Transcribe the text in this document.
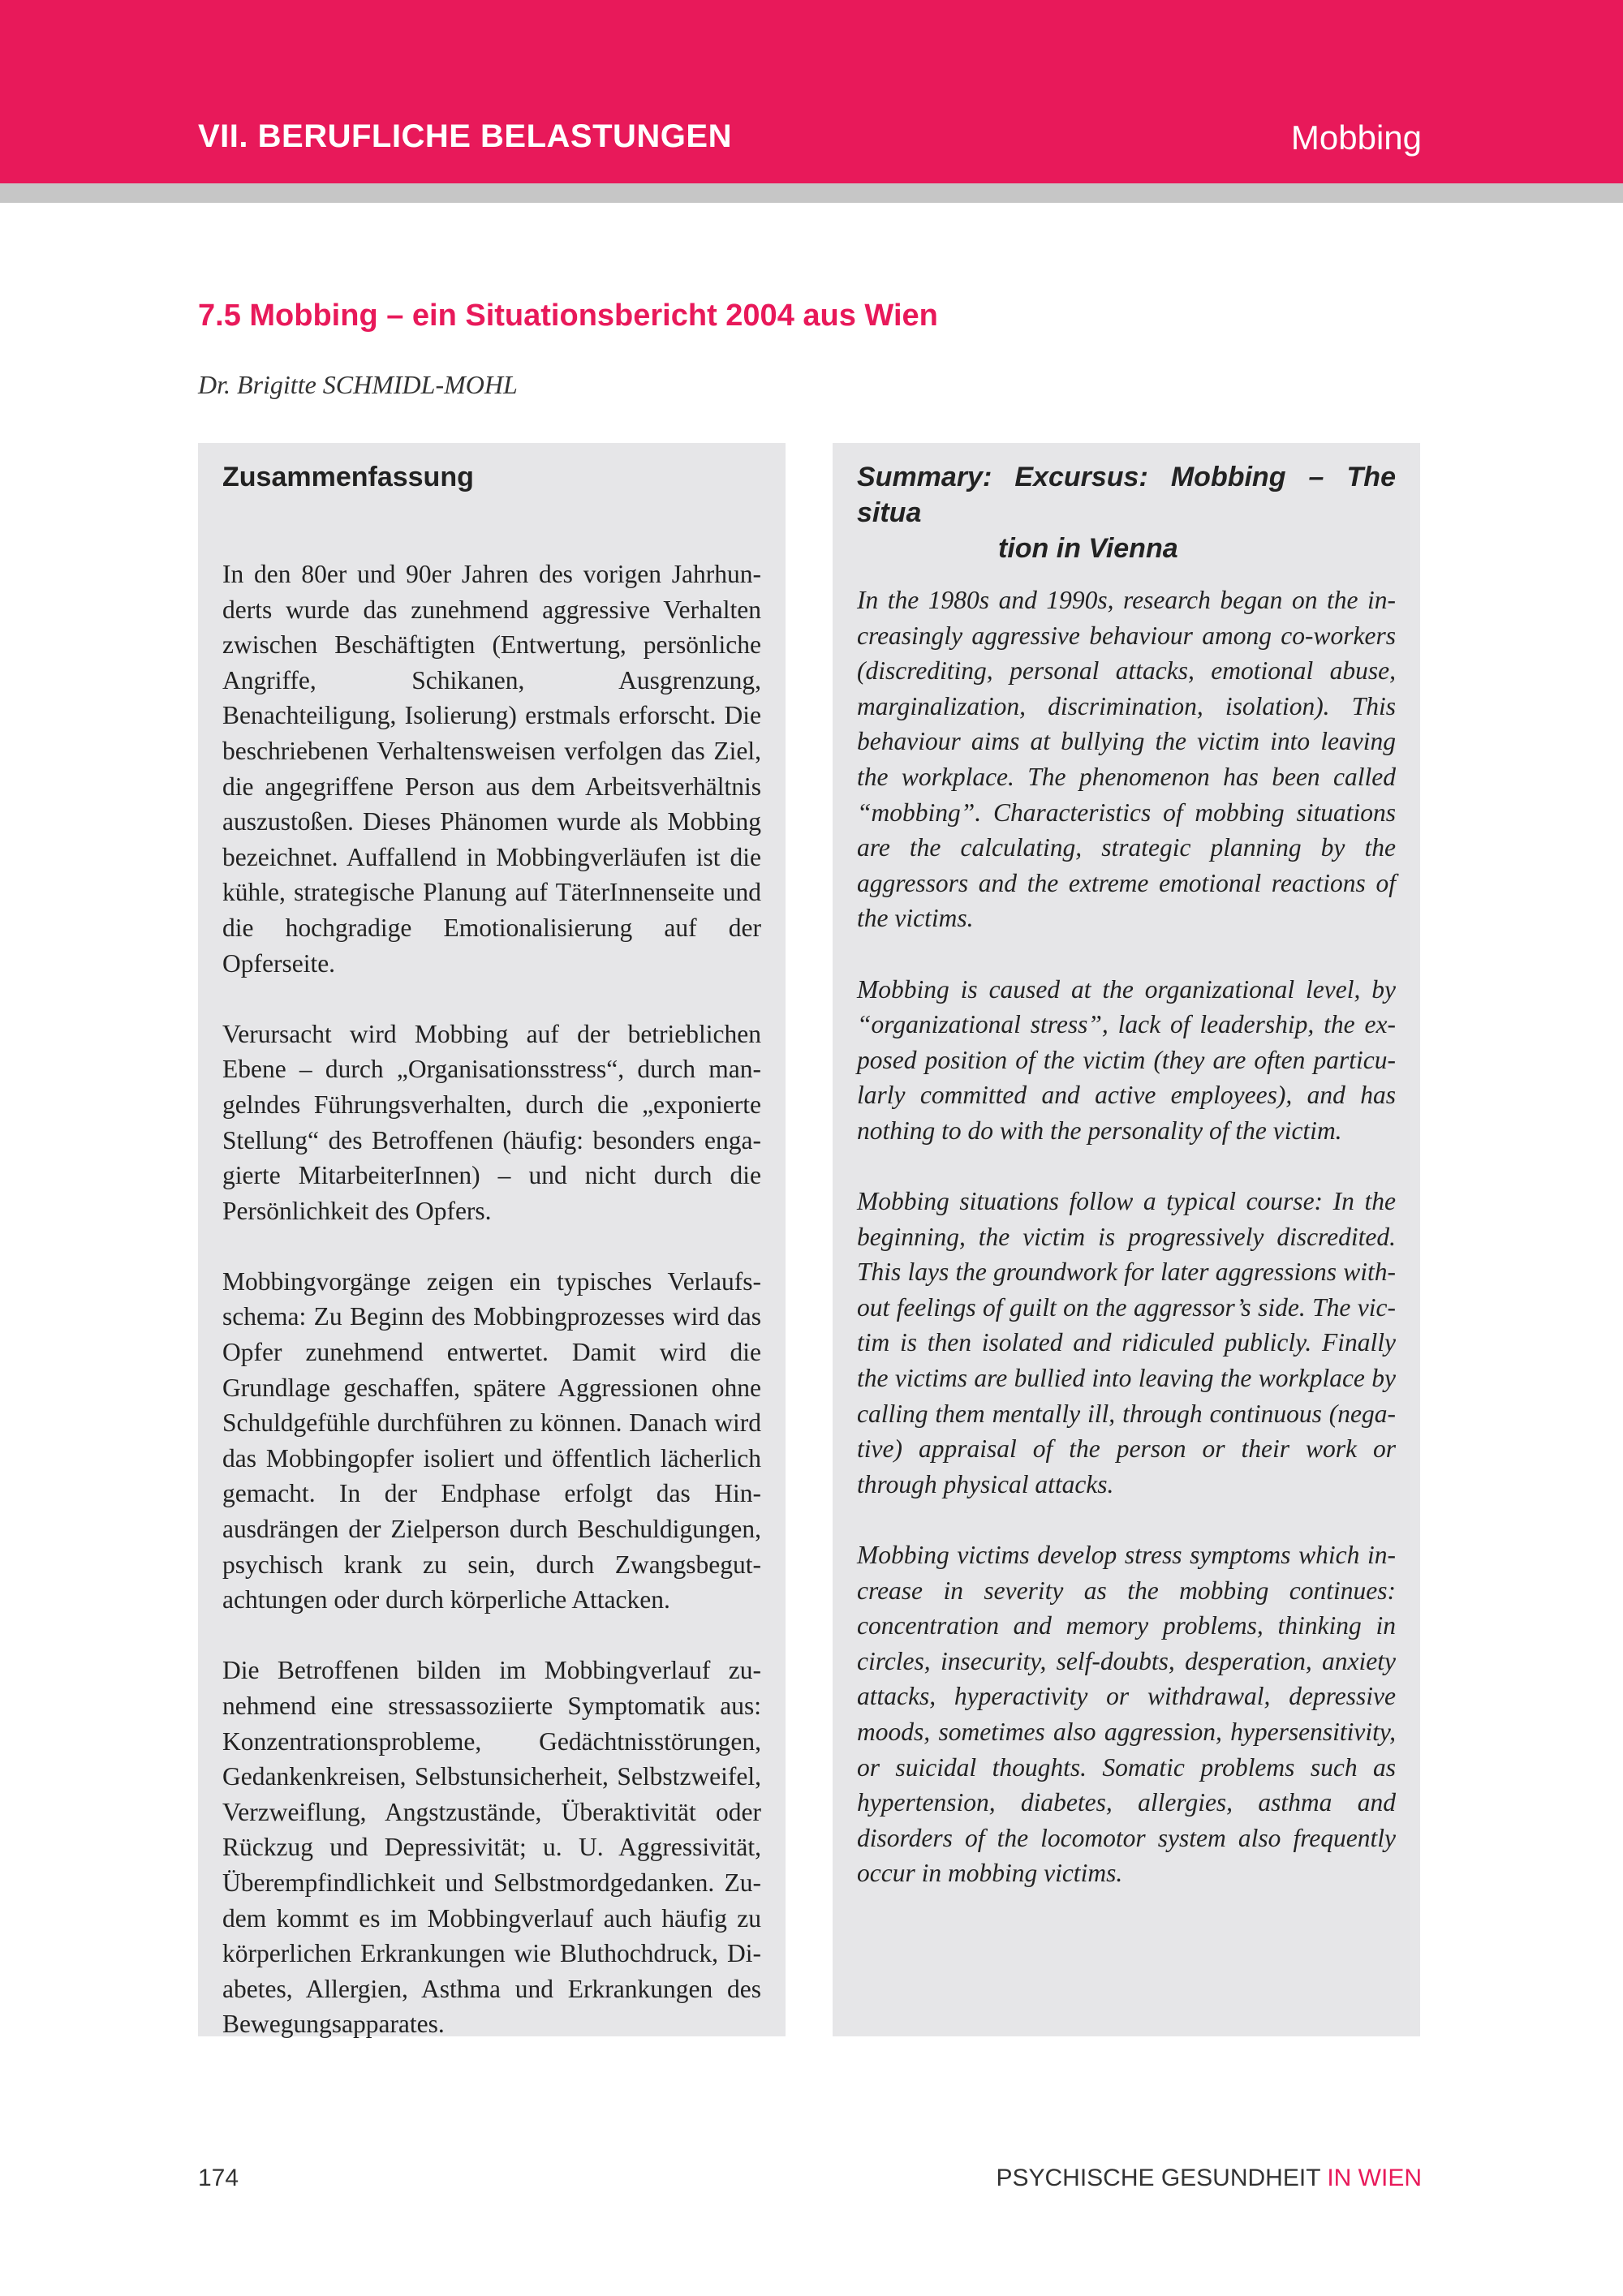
VII. BERUFLICHE BELASTUNGEN	Mobbing
7.5 Mobbing – ein Situationsbericht 2004 aus Wien
Dr. Brigitte SCHMIDL-MOHL
Zusammenfassung

In den 80er und 90er Jahren des vorigen Jahrhunderts wurde das zunehmend aggressive Verhalten zwischen Beschäftigten (Entwertung, persönliche Angriffe, Schikanen, Ausgrenzung, Benachteiligung, Isolierung) erstmals erforscht. Die beschriebenen Verhaltensweisen verfolgen das Ziel, die angegriffene Person aus dem Arbeitsverhältnis auszustoßen. Dieses Phänomen wurde als Mobbing bezeichnet. Auffallend in Mobbingverläufen ist die kühle, strategische Planung auf TäterInnenseite und die hochgradige Emotionalisierung auf der Opferseite.

Verursacht wird Mobbing auf der betrieblichen Ebene – durch „Organisationsstress“, durch mangelndes Führungsverhalten, durch die „exponierte Stellung“ des Betroffenen (häufig: besonders engagierte MitarbeiterInnen) – und nicht durch die Persönlichkeit des Opfers.

Mobbingvorgänge zeigen ein typisches Verlaufsschema: Zu Beginn des Mobbingprozesses wird das Opfer zunehmend entwertet. Damit wird die Grundlage geschaffen, spätere Aggressionen ohne Schuldgefühle durchführen zu können. Danach wird das Mobbingopfer isoliert und öffentlich lächerlich gemacht. In der Endphase erfolgt das Hinausdrängen der Zielperson durch Beschuldigungen, psychisch krank zu sein, durch Zwangsbegutachtungen oder durch körperliche Attacken.

Die Betroffenen bilden im Mobbingverlauf zunehmend eine stressassoziierte Symptomatik aus: Konzentrationsprobleme, Gedächtnisstörungen, Gedankenkreisen, Selbstunsicherheit, Selbstzweifel, Verzweiflung, Angstzustände, Überaktivität oder Rückzug und Depressivität; u. U. Aggressivität, Überempfindlichkeit und Selbstmordgedanken. Zudem kommt es im Mobbingverlauf auch häufig zu körperlichen Erkrankungen wie Bluthochdruck, Diabetes, Allergien, Asthma und Erkrankungen des Bewegungsapparates.

Summary: Excursus: Mobbing – The situa
tion in Vienna

In the 1980s and 1990s, research began on the increasingly aggressive behaviour among co-workers (discrediting, personal attacks, emotional abuse, marginalization, discrimination, isolation). This behaviour aims at bullying the victim into leaving the workplace. The phenomenon has been called “mobbing”. Characteristics of mobbing situations are the calculating, strategic planning by the aggressors and the extreme emotional reactions of the victims.

Mobbing is caused at the organizational level, by “organizational stress”, lack of leadership, the exposed position of the victim (they are often particularly committed and active employees), and has nothing to do with the personality of the victim.

Mobbing situations follow a typical course: In the beginning, the victim is progressively discredited. This lays the groundwork for later aggressions without feelings of guilt on the aggressor’s side. The victim is then isolated and ridiculed publicly. Finally the victims are bullied into leaving the workplace by calling them mentally ill, through continuous (negative) appraisal of the person or their work or through physical attacks.

Mobbing victims develop stress symptoms which increase in severity as the mobbing continues: concentration and memory problems, thinking in circles, insecurity, self-doubts, desperation, anxiety attacks, hyperactivity or withdrawal, depressive moods, sometimes also aggression, hypersensitivity, or suicidal thoughts. Somatic problems such as hypertension, diabetes, allergies, asthma and disorders of the locomotor system also frequently occur in mobbing victims.

174	PSYCHISCHE GESUNDHEIT IN WIEN
